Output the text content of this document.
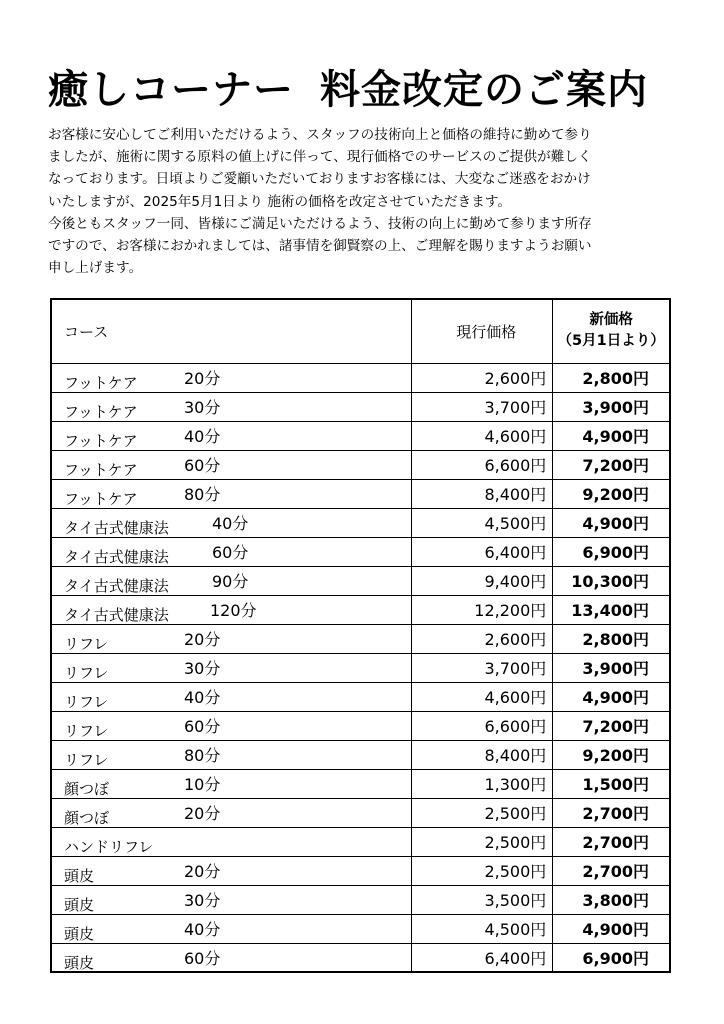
癒しコーナー 料金改定のご案内

お客様に安心してご利用いただけるよう、スタッフの技術向上と価格の維持に勤めて参り

ましたが、施術に関する原料の値上げに伴って、現行価格でのサービスのご提供が難しく

なっております。日頃よりご愛顧いただいておりますお客様には、大変なご迷惑をおかけ

いたしますが、2025年5月1日より 施術の価格を改定させていただきます。

今後ともスタッフ一同、皆様にご満足いただけるよう、技術の向上に勤めて参ります所存

ですので、お客様におかれましては、諸事情を御賢察の上、ご理解を賜りますようお願い

申し上げます。

コース	現行価格	新価格
（5月1日より）

フットケア 20分	2,600円	2,800円

フットケア 30分	3,700円	3,900円

フットケア 40分	4,600円	4,900円

フットケア 60分	6,600円	7,200円

フットケア 80分	8,400円	9,200円

タイ古式健康法 40分	4,500円	4,900円

タイ古式健康法 60分	6,400円	6,900円

タイ古式健康法 90分	9,400円	10,300円

タイ古式健康法 120分	12,200円	13,400円

リフレ 20分	2,600円	2,800円

リフレ 30分	3,700円	3,900円

リフレ 40分	4,600円	4,900円

リフレ 60分	6,600円	7,200円

リフレ 80分	8,400円	9,200円

顔つぼ 10分	1,300円	1,500円

顔つぼ 20分	2,500円	2,700円

ハンドリフレ	2,500円	2,700円

頭皮 20分	2,500円	2,700円

頭皮 30分	3,500円	3,800円

頭皮 40分	4,500円	4,900円

頭皮 60分	6,400円	6,900円
